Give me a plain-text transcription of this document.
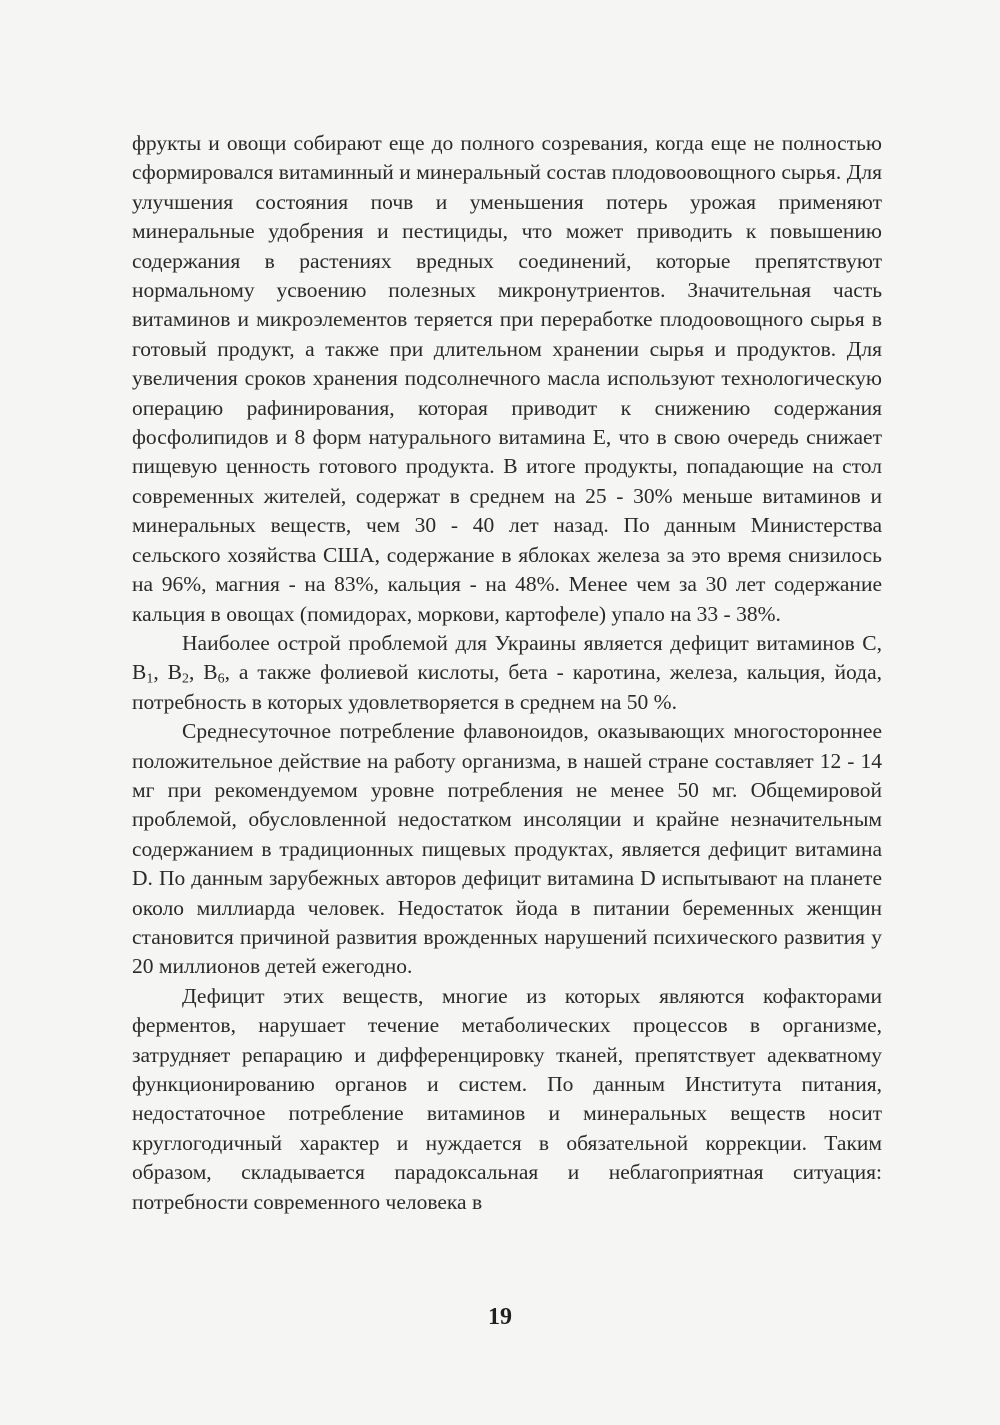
фрукты и овощи собирают еще до полного созревания, когда еще не полностью сформировался витаминный и минеральный состав плодовоовощного сырья. Для улучшения состояния почв и уменьшения потерь урожая применяют минеральные удобрения и пестициды, что может приводить к повышению содержания в растениях вредных соединений, которые препятствуют нормальному усвоению полезных микронутриентов. Значительная часть витаминов и микроэлементов теряется при переработке плодоовощного сырья в готовый продукт, а также при длительном хранении сырья и продуктов. Для увеличения сроков хранения подсолнечного масла используют технологическую операцию рафинирования, которая приводит к снижению содержания фосфолипидов и 8 форм натурального витамина Е, что в свою очередь снижает пищевую ценность готового продукта. В итоге продукты, попадающие на стол современных жителей, содержат в среднем на 25 - 30% меньше витаминов и минеральных веществ, чем 30 - 40 лет назад. По данным Министерства сельского хозяйства США, содержание в яблоках железа за это время снизилось на 96%, магния - на 83%, кальция - на 48%. Менее чем за 30 лет содержание кальция в овощах (помидорах, моркови, картофеле) упало на 33 - 38%.

Наиболее острой проблемой для Украины является дефицит витаминов С, $В_1$, $В_2$, $В_6$, а также фолиевой кислоты, бета - каротина, железа, кальция, йода, потребность в которых удовлетворяется в среднем на 50 %.

Среднесуточное потребление флавоноидов, оказывающих многостороннее положительное действие на работу организма, в нашей стране составляет 12 - 14 мг при рекомендуемом уровне потребления не менее 50 мг. Общемировой проблемой, обусловленной недостатком инсоляции и крайне незначительным содержанием в традиционных пищевых продуктах, является дефицит витамина D. По данным зарубежных авторов дефицит витамина D испытывают на планете около миллиарда человек. Недостаток йода в питании беременных женщин становится причиной развития врожденных нарушений психического развития у 20 миллионов детей ежегодно.

Дефицит этих веществ, многие из которых являются кофакторами ферментов, нарушает течение метаболических процессов в организме, затрудняет репарацию и дифференцировку тканей, препятствует адекватному функционированию органов и систем. По данным Института питания, недостаточное потребление витаминов и минеральных веществ носит круглогодичный характер и нуждается в обязательной коррекции. Таким образом, складывается парадоксальная и неблагоприятная ситуация: потребности современного человека в

19
